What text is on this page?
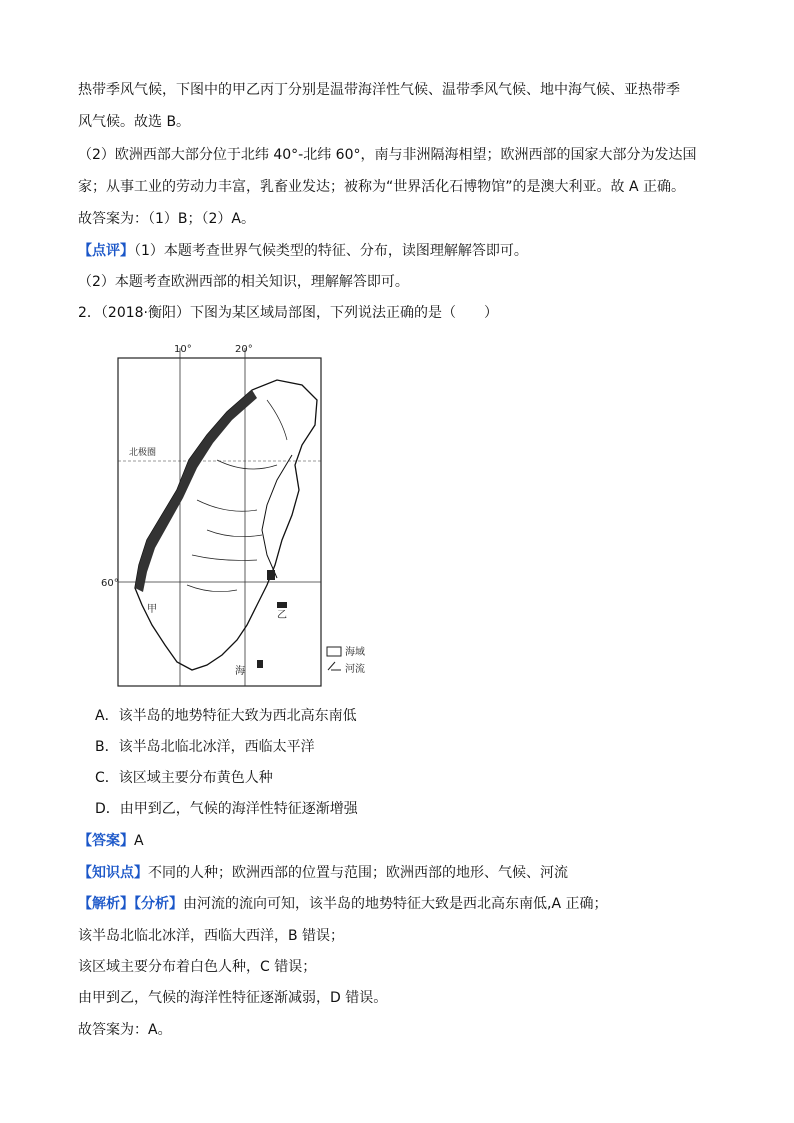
热带季风气候，下图中的甲乙丙丁分别是温带海洋性气候、温带季风气候、地中海气候、亚热带季
风气候。故选 B。
（2）欧洲西部大部分位于北纬 40°-北纬 60°，南与非洲隔海相望；欧洲西部的国家大部分为发达国
家；从事工业的劳动力丰富，乳畜业发达；被称为“世界活化石博物馆”的是澳大利亚。故 A 正确。
故答案为：（1）B；（2）A。
【点评】（1）本题考查世界气候类型的特征、分布，读图理解解答即可。
（2）本题考查欧洲西部的相关知识，理解解答即可。
2．（2018·衡阳）下图为某区域局部图，下列说法正确的是（　　）
10°	20°
60°
北极圈
甲
乙
海
海域
河流
A．该半岛的地势特征大致为西北高东南低
B．该半岛北临北冰洋，西临太平洋
C．该区域主要分布黄色人种
D．由甲到乙，气候的海洋性特征逐渐增强
【答案】A
【知识点】不同的人种；欧洲西部的位置与范围；欧洲西部的地形、气候、河流
【解析】【分析】由河流的流向可知，该半岛的地势特征大致是西北高东南低,A 正确；
该半岛北临北冰洋，西临大西洋，B 错误；
该区域主要分布着白色人种，C 错误；
由甲到乙，气候的海洋性特征逐渐减弱，D 错误。
故答案为：A。
